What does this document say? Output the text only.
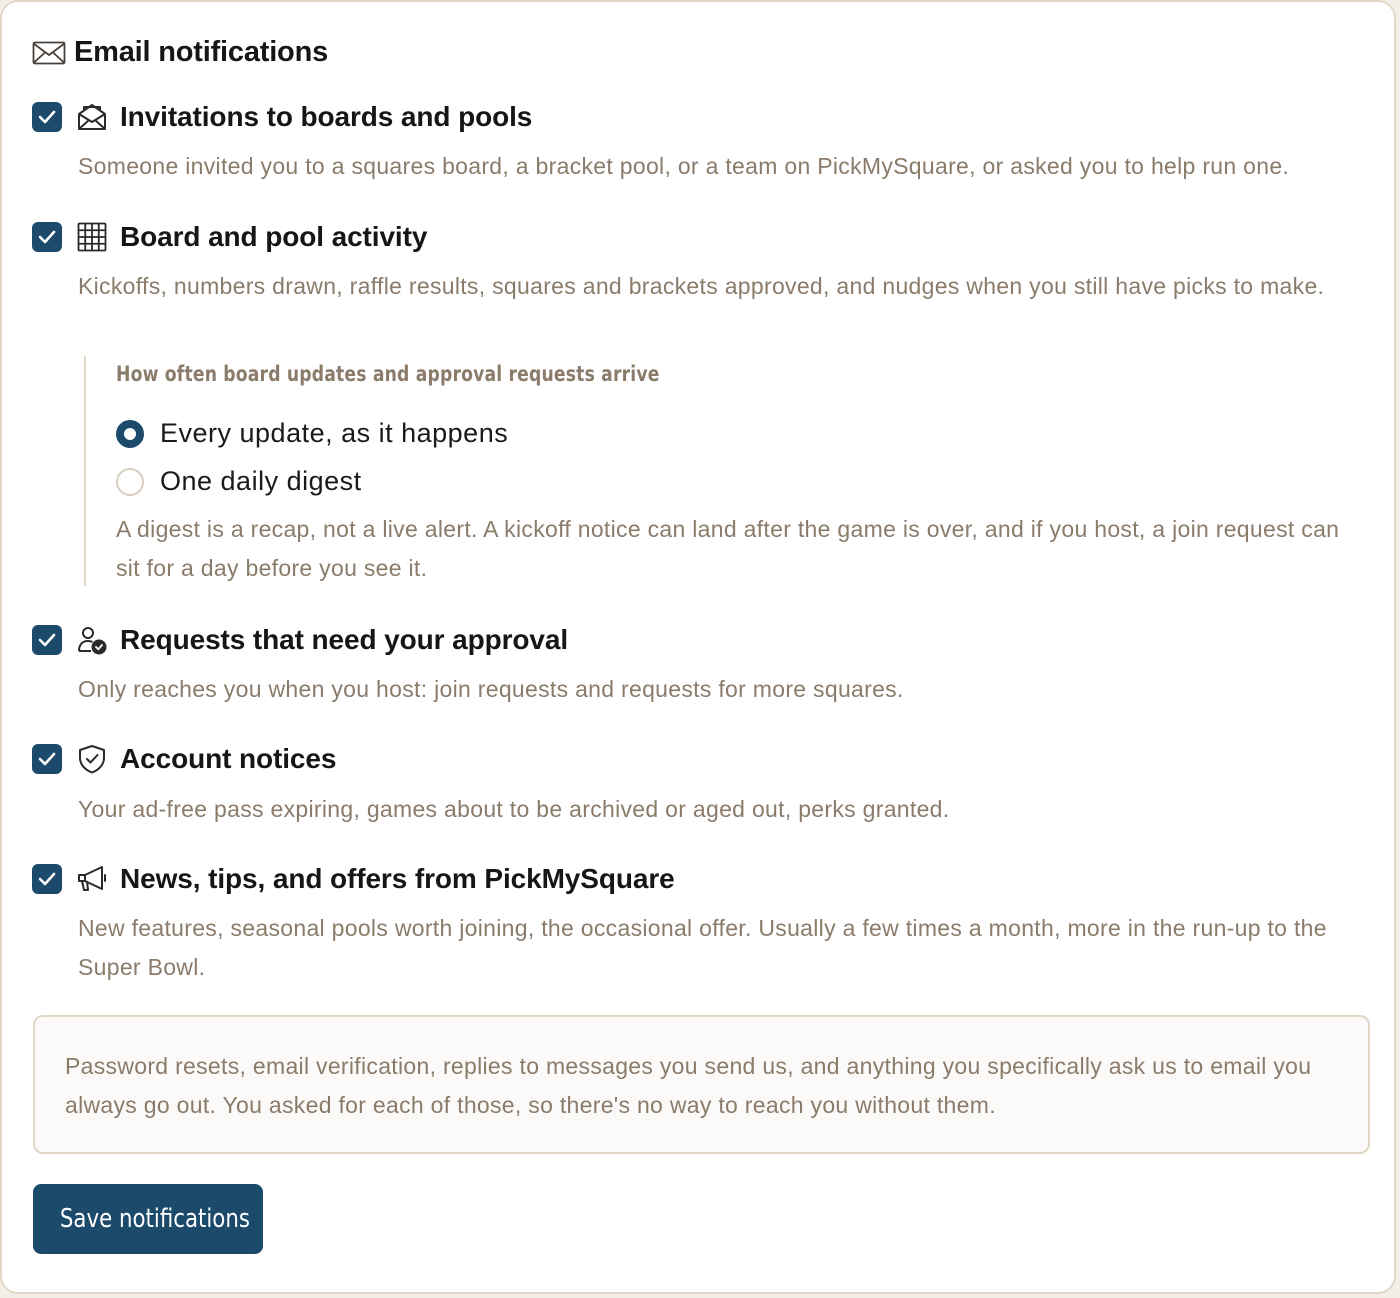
Email notifications
Invitations to boards and pools

Someone invited you to a squares board, a bracket pool, or a team on PickMySquare, or asked you to help run one.

Board and pool activity

Kickoffs, numbers drawn, raffle results, squares and brackets approved, and nudges when you still have picks to make.

How often board updates and approval requests arrive
Every update, as it happens
One daily digest

A digest is a recap, not a live alert. A kickoff notice can land after the game is over, and if you host, a join request can sit for a day before you see it.

Requests that need your approval

Only reaches you when you host: join requests and requests for more squares.

Account notices

Your ad-free pass expiring, games about to be archived or aged out, perks granted.

News, tips, and offers from PickMySquare

New features, seasonal pools worth joining, the occasional offer. Usually a few times a month, more in the run-up to the Super Bowl.

Password resets, email verification, replies to messages you send us, and anything you specifically ask us to email you always go out. You asked for each of those, so there's no way to reach you without them.

Save notifications
